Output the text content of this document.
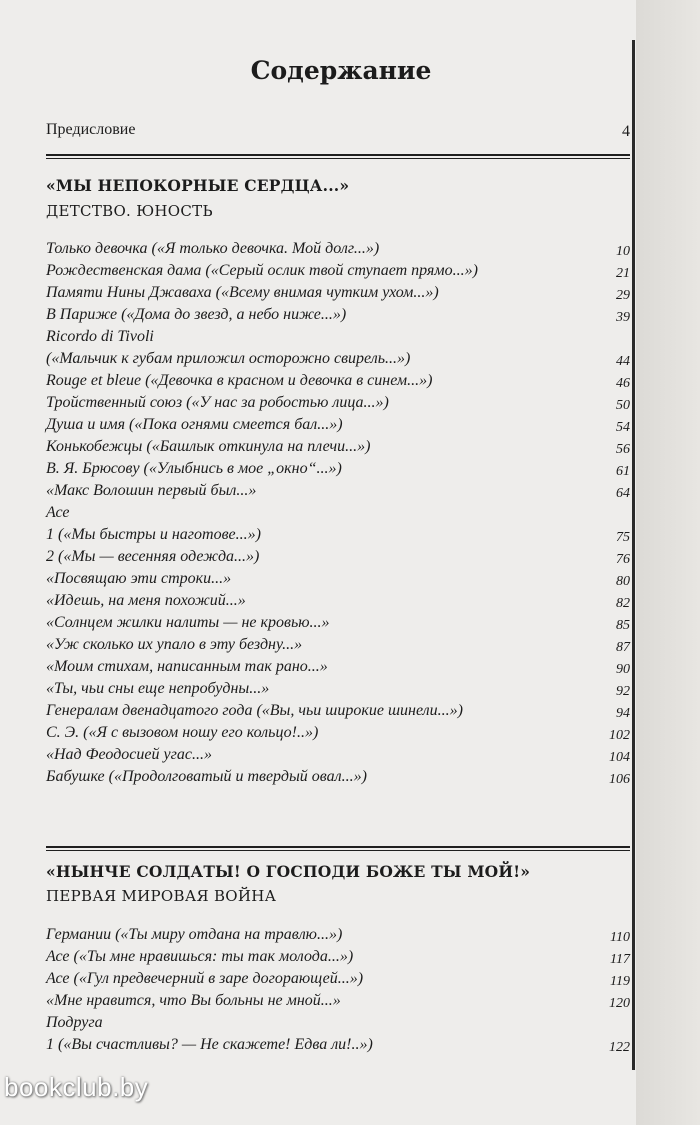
Содержание
Предисловие	4
«МЫ НЕПОКОРНЫЕ СЕРДЦА...»
ДЕТСТВО. ЮНОСТЬ
Только девочка («Я только девочка. Мой долг...»)	10
Рождественская дама («Серый ослик твой ступает прямо...»)	21
Памяти Нины Джаваха («Всему внимая чутким ухом...»)	29
В Париже («Дома до звезд, а небо ниже...»)	39
Ricordo di Tivoli
(«Мальчик к губам приложил осторожно свирель...»)	44
Rouge et bleue («Девочка в красном и девочка в синем...»)	46
Тройственный союз («У нас за робостью лица...»)	50
Душа и имя («Пока огнями смеется бал...»)	54
Конькобежцы («Башлык откинула на плечи...»)	56
В. Я. Брюсову («Улыбнись в мое „окно“...»)	61
«Макс Волошин первый был...»	64
Асе
1 («Мы быстры и наготове...»)	75
2 («Мы — весенняя одежда...»)	76
«Посвящаю эти строки...»	80
«Идешь, на меня похожий...»	82
«Солнцем жилки налиты — не кровью...»	85
«Уж сколько их упало в эту бездну...»	87
«Моим стихам, написанным так рано...»	90
«Ты, чьи сны еще непробудны...»	92
Генералам двенадцатого года («Вы, чьи широкие шинели...»)	94
С. Э. («Я с вызовом ношу его кольцо!..»)	102
«Над Феодосией угас...»	104
Бабушке («Продолговатый и твердый овал...»)	106
«НЫНЧЕ СОЛДАТЫ! О ГОСПОДИ БОЖЕ ТЫ МОЙ!»
ПЕРВАЯ МИРОВАЯ ВОЙНА
Германии («Ты миру отдана на травлю...»)	110
Асе («Ты мне нравишься: ты так молода...»)	117
Асе («Гул предвечерний в заре догорающей...»)	119
«Мне нравится, что Вы больны не мной...»	120
Подруга
1 («Вы счастливы? — Не скажете! Едва ли!..»)	122
bookclub.by
